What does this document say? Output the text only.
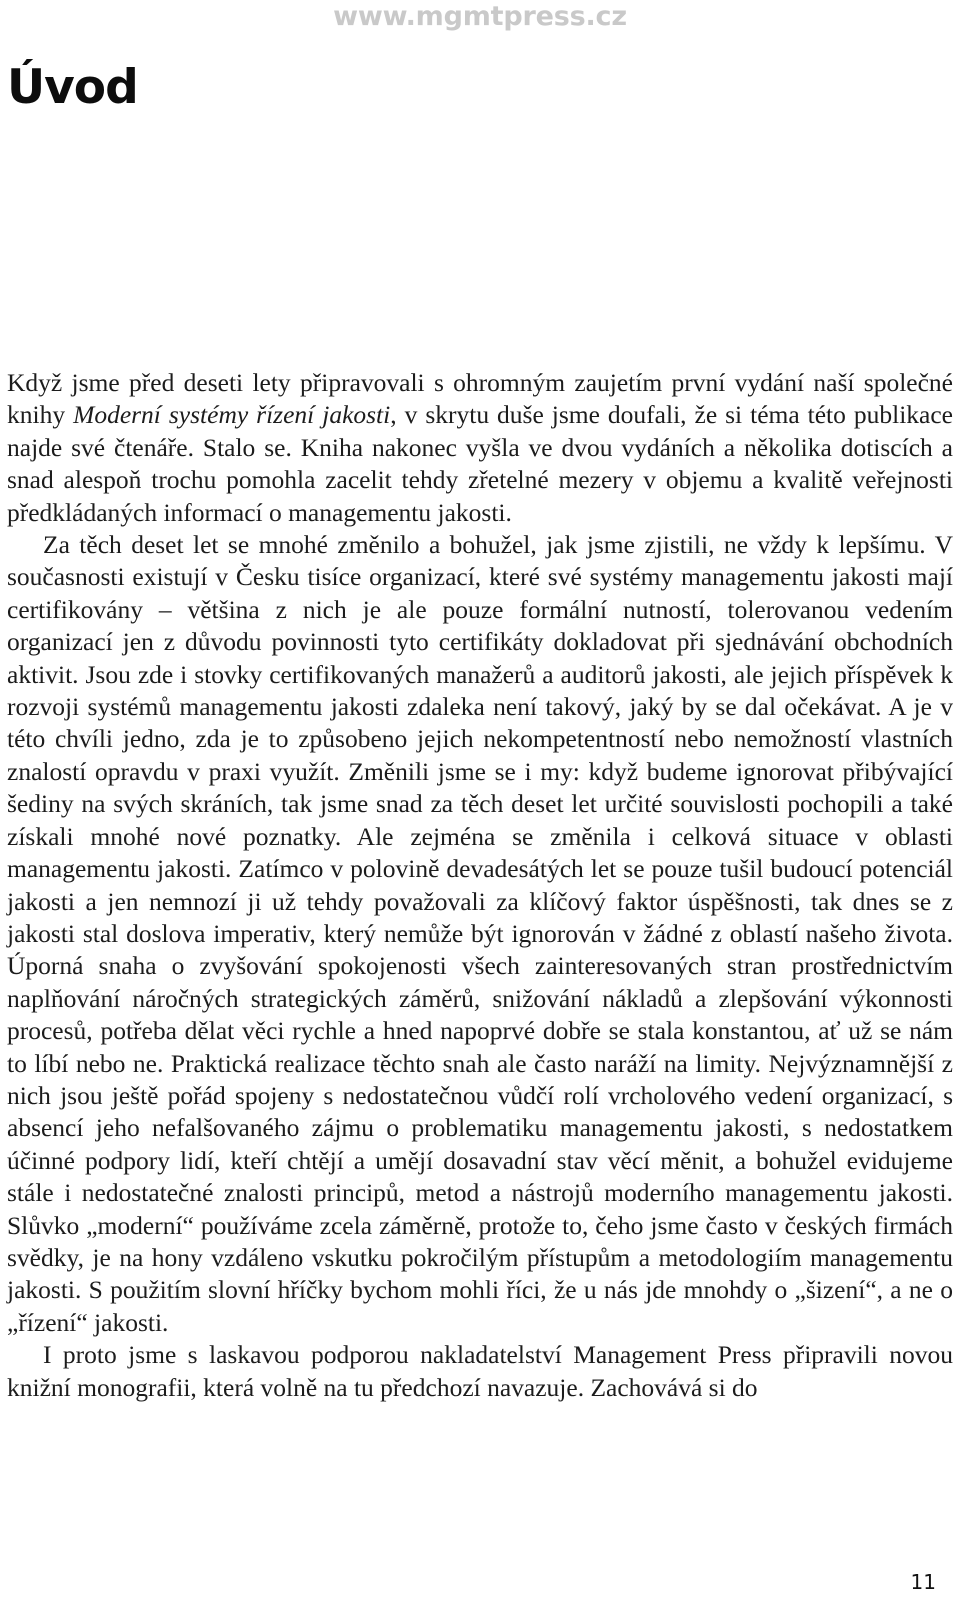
www.mgmtpress.cz
Úvod

Když jsme před deseti lety připravovali s ohromným zaujetím první vydání naší společné knihy Moderní systémy řízení jakosti, v skrytu duše jsme doufali, že si téma této publikace najde své čtenáře. Stalo se. Kniha nakonec vyšla ve dvou vydáních a několika dotiscích a snad alespoň trochu pomohla zacelit tehdy zřetelné mezery v objemu a kvalitě veřejnosti předkládaných informací o managementu jakosti.

Za těch deset let se mnohé změnilo a bohužel, jak jsme zjistili, ne vždy k lepšímu. V současnosti existují v Česku tisíce organizací, které své systémy managementu jakosti mají certifikovány – většina z nich je ale pouze formální nutností, tolerovanou vedením organizací jen z důvodu povinnosti tyto certifikáty dokladovat při sjednávání obchodních aktivit. Jsou zde i stovky certifikovaných manažerů a auditorů jakosti, ale jejich příspěvek k rozvoji systémů managementu jakosti zdaleka není takový, jaký by se dal očekávat. A je v této chvíli jedno, zda je to způsobeno jejich nekompetentností nebo nemožností vlastních znalostí opravdu v praxi využít. Změnili jsme se i my: když budeme ignorovat přibývající šediny na svých skráních, tak jsme snad za těch deset let určité souvislosti pochopili a také získali mnohé nové poznatky. Ale zejména se změnila i celková situace v oblasti managementu jakosti. Zatímco v polovině devadesátých let se pouze tušil budoucí potenciál jakosti a jen nemnozí ji už tehdy považovali za klíčový faktor úspěšnosti, tak dnes se z jakosti stal doslova imperativ, který nemůže být ignorován v žádné z oblastí našeho života. Úporná snaha o zvyšování spokojenosti všech zainteresovaných stran prostřednictvím naplňování náročných strategických záměrů, snižování nákladů a zlepšování výkonnosti procesů, potřeba dělat věci rychle a hned napoprvé dobře se stala konstantou, ať už se nám to líbí nebo ne. Praktická realizace těchto snah ale často naráží na limity. Nejvýznamnější z nich jsou ještě pořád spojeny s nedostatečnou vůdčí rolí vrcholového vedení organizací, s absencí jeho nefalšovaného zájmu o problematiku managementu jakosti, s nedostatkem účinné podpory lidí, kteří chtějí a umějí dosavadní stav věcí měnit, a bohužel evidujeme stále i nedostatečné znalosti principů, metod a nástrojů moderního managementu jakosti. Slůvko „moderní“ používáme zcela záměrně, protože to, čeho jsme často v českých firmách svědky, je na hony vzdáleno vskutku pokročilým přístupům a metodologiím managementu jakosti. S použitím slovní hříčky bychom mohli říci, že u nás jde mnohdy o „šizení“, a ne o „řízení“ jakosti.

I proto jsme s laskavou podporou nakladatelství Management Press připravili novou knižní monografii, která volně na tu předchozí navazuje. Zachovává si do

11
